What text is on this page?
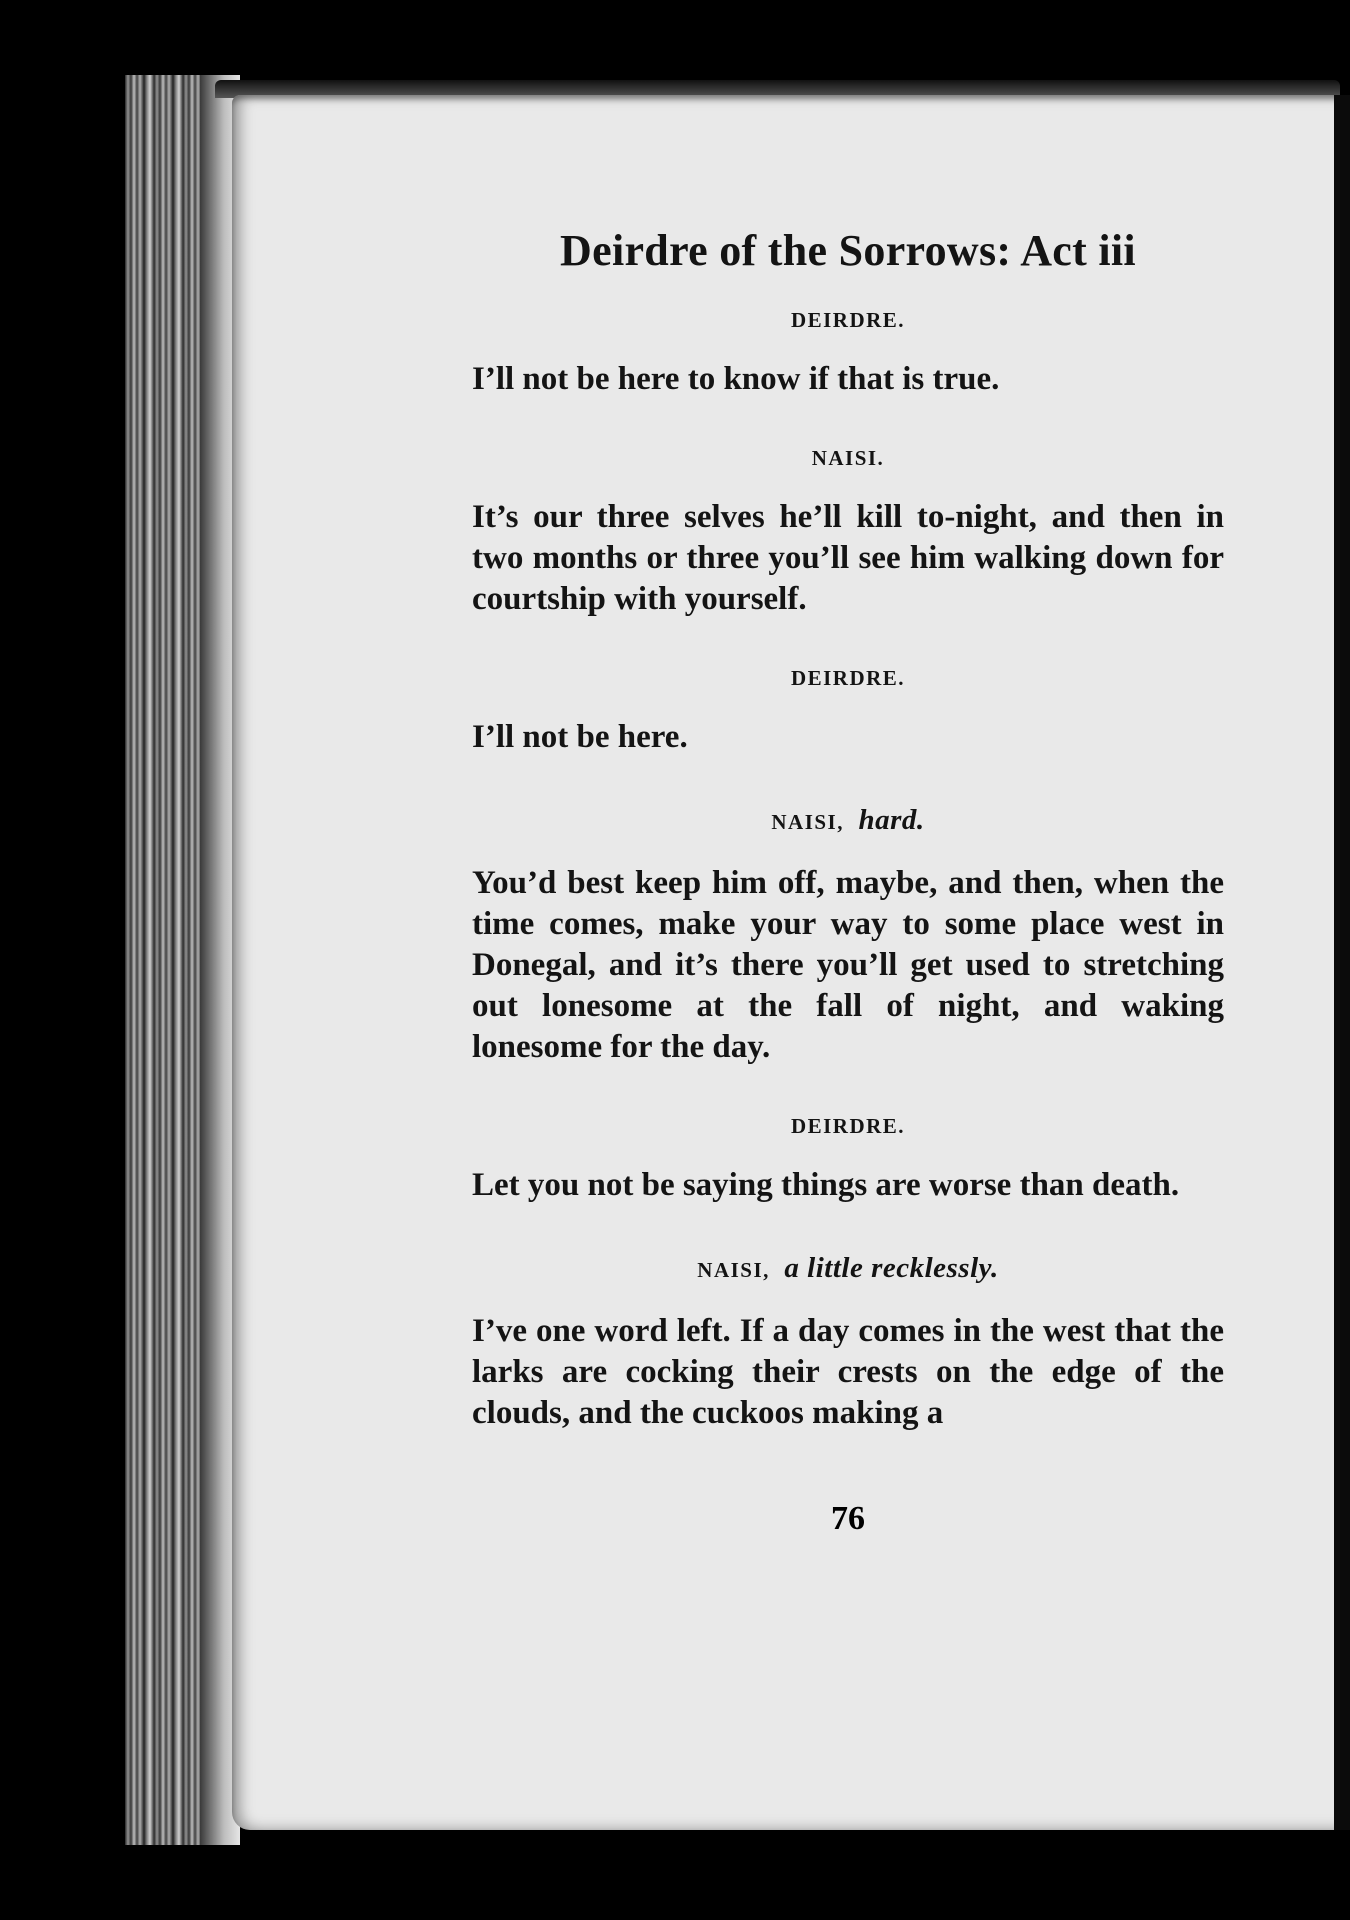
Deirdre of the Sorrows: Act iii
DEIRDRE.

I’ll not be here to know if that is true.

NAISI.

It’s our three selves he’ll kill to-night, and then in two months or three you’ll see him walking down for courtship with yourself.

DEIRDRE.

I’ll not be here.

NAISI,  hard.

You’d best keep him off, maybe, and then, when the time comes, make your way to some place west in Donegal, and it’s there you’ll get used to stretching out lonesome at the fall of night, and waking lonesome for the day.

DEIRDRE.

Let you not be saying things are worse than death.

NAISI,  a little recklessly.

I’ve one word left. If a day comes in the west that the larks are cocking their crests on the edge of the clouds, and the cuckoos making a

76
